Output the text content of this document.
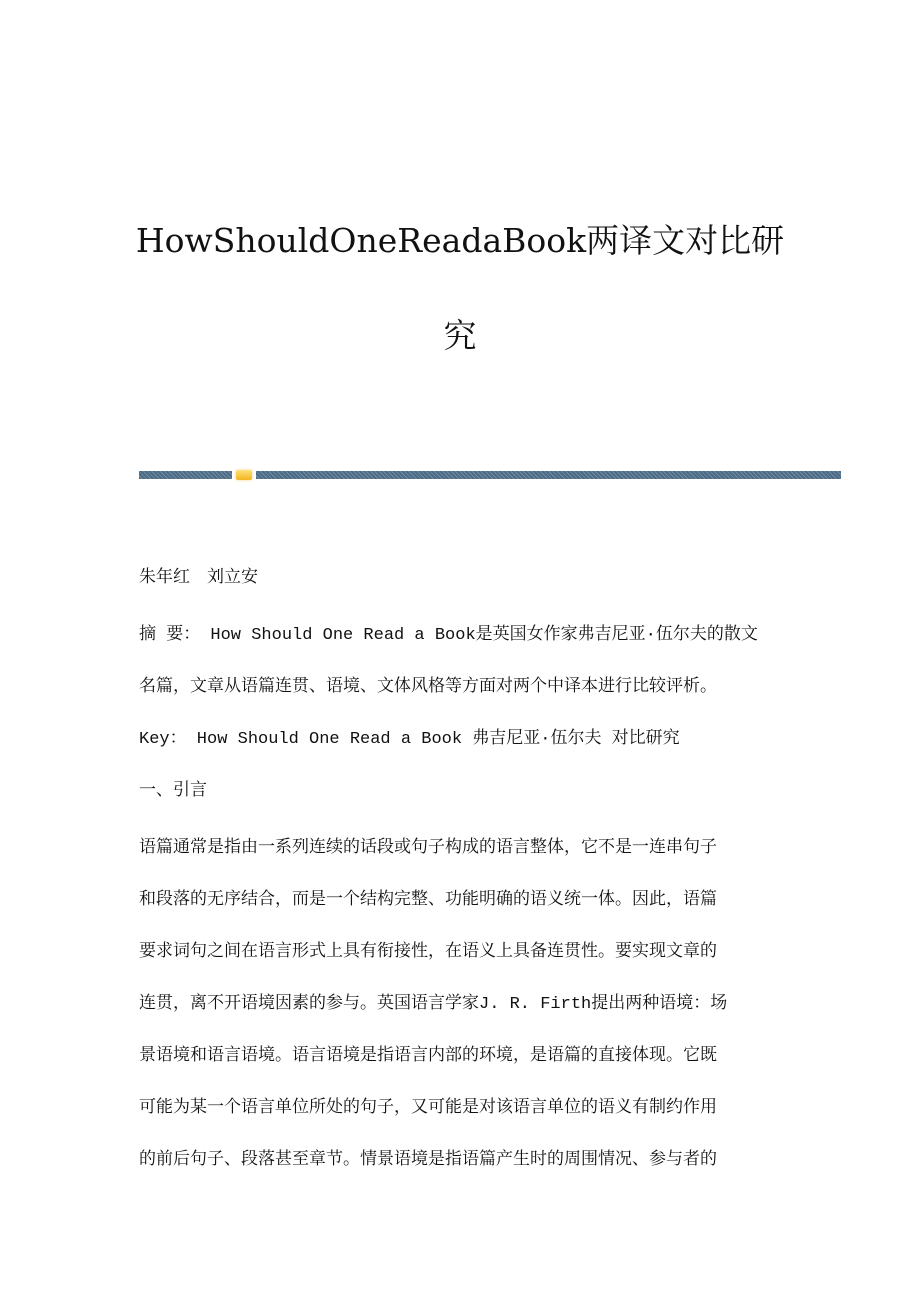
HowShouldOneReadaBook两译文对比研
究
朱年红　刘立安
摘 要： How Should One Read a Book是英国女作家弗吉尼亚·伍尔夫的散文
名篇，文章从语篇连贯、语境、文体风格等方面对两个中译本进行比较评析。
Key： How Should One Read a Book 弗吉尼亚·伍尔夫 对比研究
一、引言
语篇通常是指由一系列连续的话段或句子构成的语言整体，它不是一连串句子
和段落的无序结合，而是一个结构完整、功能明确的语义统一体。因此，语篇
要求词句之间在语言形式上具有衔接性，在语义上具备连贯性。要实现文章的
连贯，离不开语境因素的参与。英国语言学家J. R. Firth提出两种语境：场
景语境和语言语境。语言语境是指语言内部的环境，是语篇的直接体现。它既
可能为某一个语言单位所处的句子，又可能是对该语言单位的语义有制约作用
的前后句子、段落甚至章节。情景语境是指语篇产生时的周围情况、参与者的
